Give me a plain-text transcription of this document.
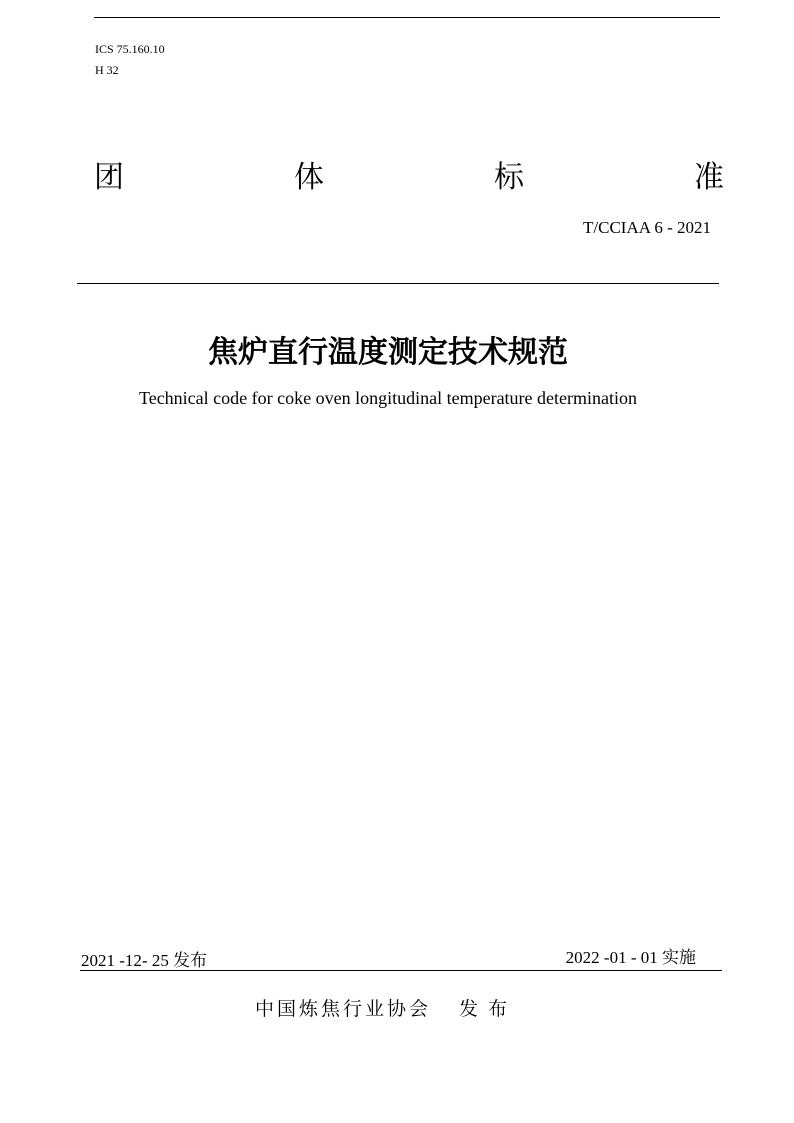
ICS 75.160.10
H 32
团	体	标	准
T/CCIAA 6 - 2021
焦炉直行温度测定技术规范
Technical code for coke oven longitudinal temperature determination
2021 -12- 25 发布	2022 -01 - 01 实施
中国炼焦行业协会 发布
